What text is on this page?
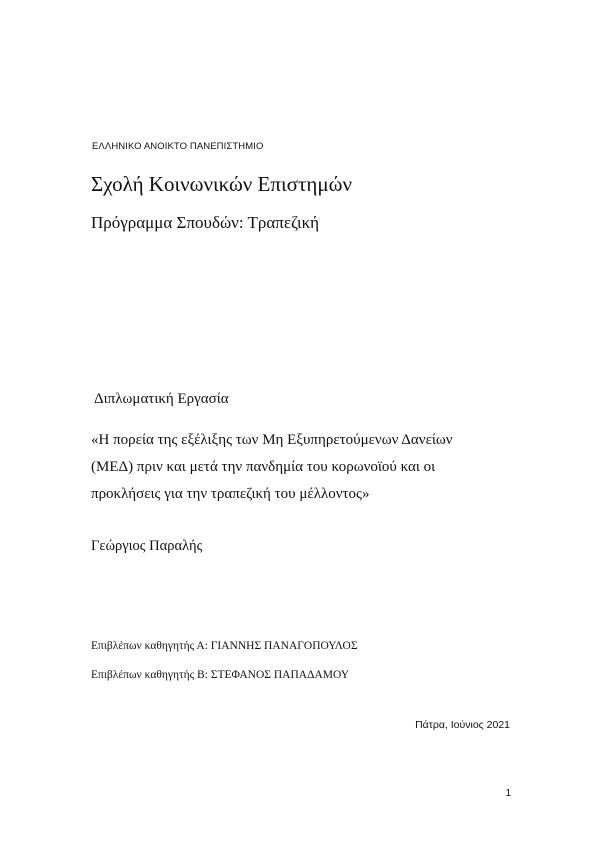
ΕΛΛΗΝΙΚΟ ΑΝΟΙΚΤΟ ΠΑΝΕΠΙΣΤΗΜΙΟ

Σχολή Κοινωνικών Επιστημών

Πρόγραμμα Σπουδών: Τραπεζική

Διπλωματική Εργασία

«Η πορεία της εξέλιξης των Μη Εξυπηρετούμενων Δανείων
(ΜΕΔ) πριν και μετά την πανδημία του κορωνοϊού και οι
προκλήσεις για την τραπεζική του μέλλοντος»

Γεώργιος Παραλής

Επιβλέπων καθηγητής Α: ΓΙΑΝΝΗΣ ΠΑΝΑΓΟΠΟΥΛΟΣ

Επιβλέπων καθηγητής Β: ΣΤΕΦΑΝΟΣ ΠΑΠΑΔΑΜΟΥ

Πάτρα, Ιούνιος 2021

1
